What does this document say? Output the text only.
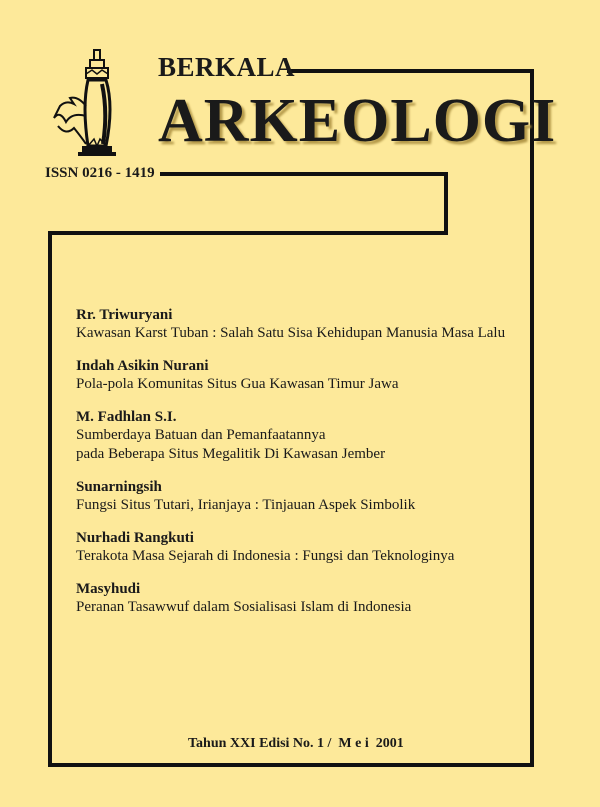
BERKALA
ARKEOLOGI
ISSN 0216 - 1419
Rr. Triwuryani
Kawasan Karst Tuban : Salah Satu Sisa Kehidupan Manusia Masa Lalu
Indah Asikin Nurani
Pola-pola Komunitas Situs Gua Kawasan Timur Jawa
M. Fadhlan S.I.
Sumberdaya Batuan dan Pemanfaatannya
pada Beberapa Situs Megalitik Di Kawasan Jember
Sunarningsih
Fungsi Situs Tutari, Irianjaya : Tinjauan Aspek Simbolik
Nurhadi Rangkuti
Terakota Masa Sejarah di Indonesia : Fungsi dan Teknologinya
Masyhudi
Peranan Tasawwuf dalam Sosialisasi Islam di Indonesia
Tahun XXI Edisi No. 1 /  M e i  2001
